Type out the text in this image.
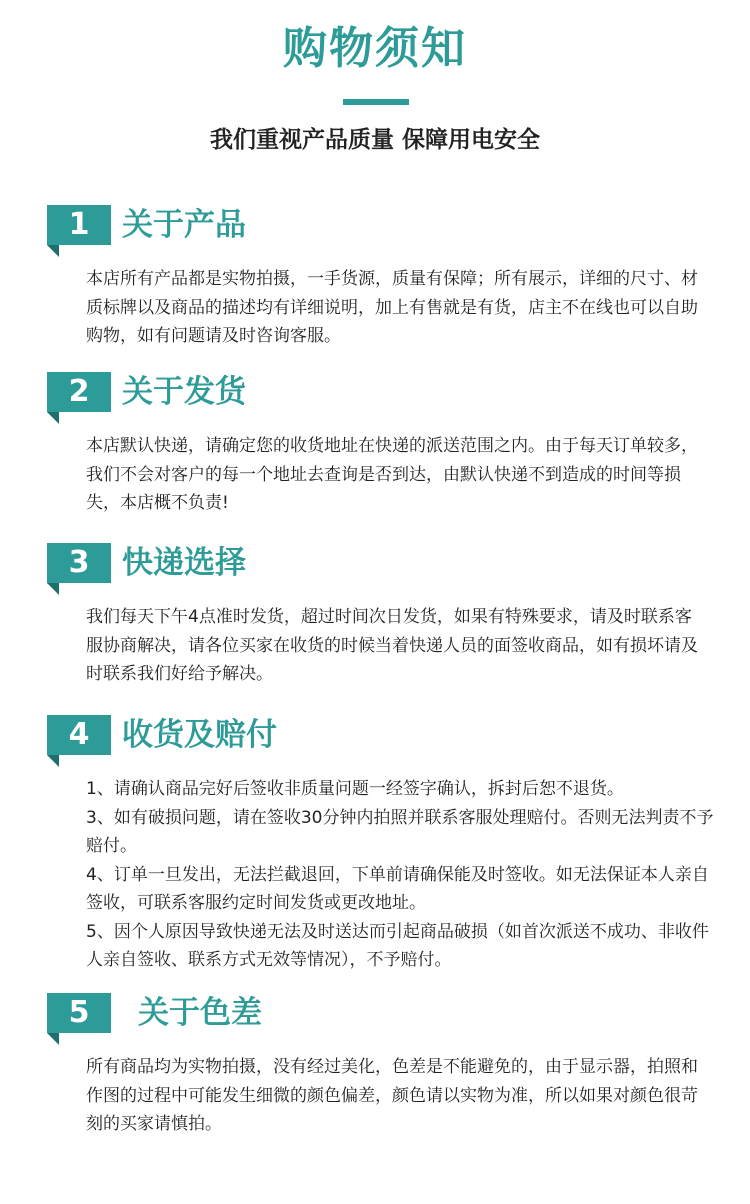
购物须知
我们重视产品质量 保障用电安全
1	关于产品

本店所有产品都是实物拍摄，一手货源，质量有保障；所有展示，详细的尺寸、材质标牌以及商品的描述均有详细说明，加上有售就是有货，店主不在线也可以自助购物，如有问题请及时咨询客服。

2	关于发货

本店默认快递，请确定您的收货地址在快递的派送范围之内。由于每天订单较多，我们不会对客户的每一个地址去查询是否到达，由默认快递不到造成的时间等损失，本店概不负责!

3	快递选择

我们每天下午4点准时发货，超过时间次日发货，如果有特殊要求，请及时联系客服协商解决，请各位买家在收货的时候当着快递人员的面签收商品，如有损坏请及时联系我们好给予解决。

4	收货及赔付

1、请确认商品完好后签收非质量问题一经签字确认，拆封后恕不退货。

3、如有破损问题，请在签收30分钟内拍照并联系客服处理赔付。否则无法判责不予赔付。

4、订单一旦发出，无法拦截退回，下单前请确保能及时签收。如无法保证本人亲自签收，可联系客服约定时间发货或更改地址。

5、因个人原因导致快递无法及时送达而引起商品破损（如首次派送不成功、非收件人亲自签收、联系方式无效等情况），不予赔付。

5	关于色差

所有商品均为实物拍摄，没有经过美化，色差是不能避免的，由于显示器，拍照和作图的过程中可能发生细微的颜色偏差，颜色请以实物为准，所以如果对颜色很苛刻的买家请慎拍。
